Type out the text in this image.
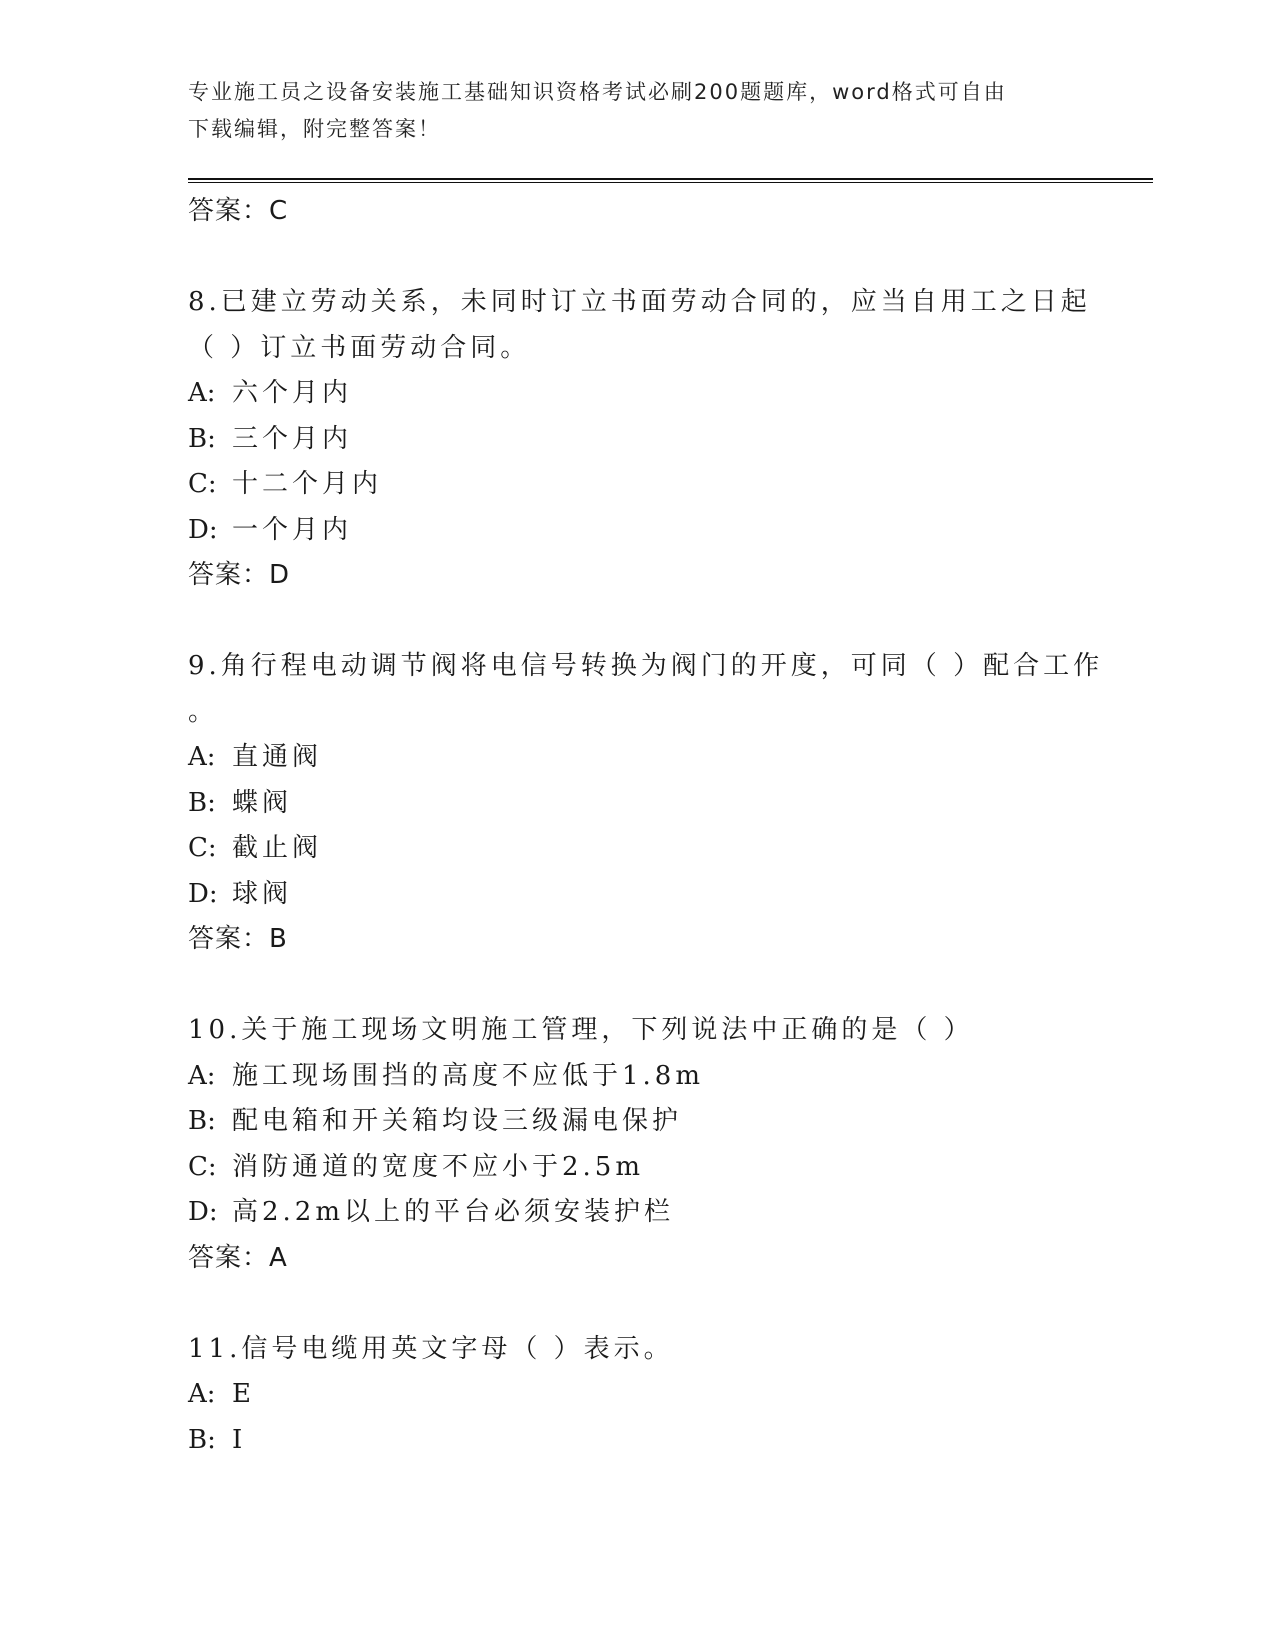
专业施工员之设备安装施工基础知识资格考试必刷200题题库，word格式可自由
下载编辑，附完整答案！
答案：C
8.已建立劳动关系，未同时订立书面劳动合同的，应当自用工之日起
（ ）订立书面劳动合同。
A: 六个月内
B: 三个月内
C: 十二个月内
D: 一个月内
答案：D
9.角行程电动调节阀将电信号转换为阀门的开度，可同（ ）配合工作
。
A: 直通阀
B: 蝶阀
C: 截止阀
D: 球阀
答案：B
10.关于施工现场文明施工管理，下列说法中正确的是（ ）
A: 施工现场围挡的高度不应低于1.8m
B: 配电箱和开关箱均设三级漏电保护
C: 消防通道的宽度不应小于2.5m
D: 高2.2m以上的平台必须安装护栏
答案：A
11.信号电缆用英文字母（ ）表示。
A: E
B: I
